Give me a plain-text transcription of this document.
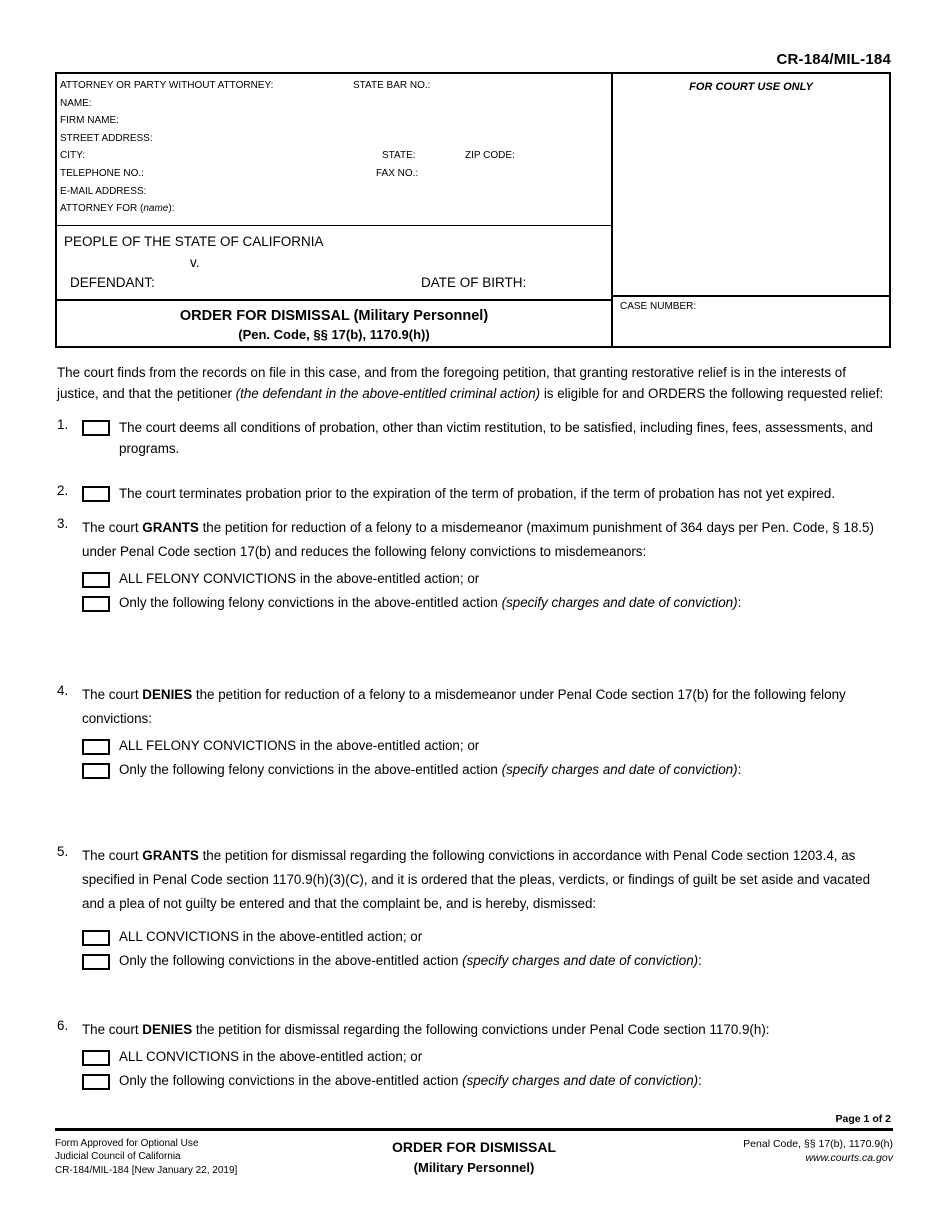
CR-184/MIL-184
ATTORNEY OR PARTY WITHOUT ATTORNEY:	STATE BAR NO.:
NAME:
FIRM NAME:
STREET ADDRESS:
CITY:	STATE:	ZIP CODE:
TELEPHONE NO.:	FAX NO.:
E-MAIL ADDRESS:
ATTORNEY FOR (name):
PEOPLE OF THE STATE OF CALIFORNIA
v.
DEFENDANT:	DATE OF BIRTH:
ORDER FOR DISMISSAL (Military Personnel)
(Pen. Code, §§ 17(b), 1170.9(h))
FOR COURT USE ONLY
CASE NUMBER:
The court finds from the records on file in this case, and from the foregoing petition, that granting restorative relief is in the interests of justice, and that the petitioner (the defendant in the above-entitled criminal action) is eligible for and ORDERS the following requested relief:
1.	The court deems all conditions of probation, other than victim restitution, to be satisfied, including fines, fees, assessments, and programs.
2.	The court terminates probation prior to the expiration of the term of probation, if the term of probation has not yet expired.
3.	The court GRANTS the petition for reduction of a felony to a misdemeanor (maximum punishment of 364 days per Pen. Code, § 18.5) under Penal Code section 17(b) and reduces the following felony convictions to misdemeanors:

ALL FELONY CONVICTIONS in the above-entitled action; or
Only the following felony convictions in the above-entitled action (specify charges and date of conviction):
4.	The court DENIES the petition for reduction of a felony to a misdemeanor under Penal Code section 17(b) for the following felony convictions:

ALL FELONY CONVICTIONS in the above-entitled action; or
Only the following felony convictions in the above-entitled action (specify charges and date of conviction):
5.	The court GRANTS the petition for dismissal regarding the following convictions in accordance with Penal Code section 1203.4, as specified in Penal Code section 1170.9(h)(3)(C), and it is ordered that the pleas, verdicts, or findings of guilt be set aside and vacated and a plea of not guilty be entered and that the complaint be, and is hereby, dismissed:

ALL CONVICTIONS in the above-entitled action; or
Only the following convictions in the above-entitled action (specify charges and date of conviction):
6.	The court DENIES the petition for dismissal regarding the following convictions under Penal Code section 1170.9(h):

ALL CONVICTIONS in the above-entitled action; or
Only the following convictions in the above-entitled action (specify charges and date of conviction):
Page 1 of 2
Form Approved for Optional Use
Judicial Council of California
CR-184/MIL-184 [New January 22, 2019]
ORDER FOR DISMISSAL
(Military Personnel)
Penal Code, §§ 17(b), 1170.9(h)
www.courts.ca.gov
